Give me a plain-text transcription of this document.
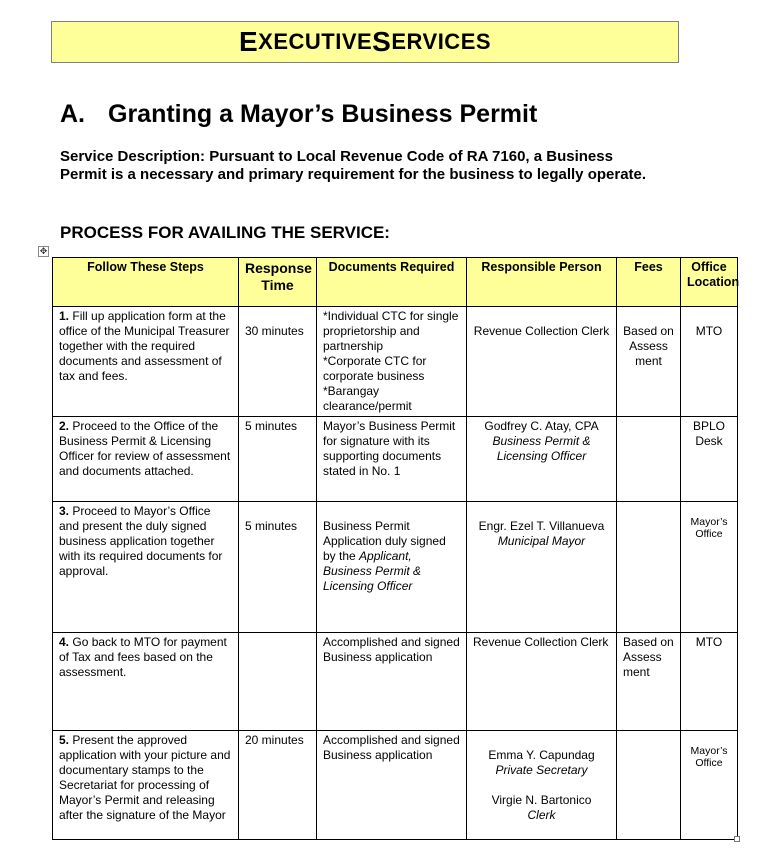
E XECUTIVE S ERVICES
A. Granting a Mayor’s Business Permit

Service Description: Pursuant to Local Revenue Code of RA 7160, a Business Permit is a necessary and primary requirement for the business to legally operate.

PROCESS FOR AVAILING THE SERVICE:
✥
Follow These Steps	Response Time	Documents Required	Responsible Person	Fees	Office Location
1. Fill up application form at the office of the Municipal Treasurer together with the required documents and assessment of tax and fees.	30 minutes	*Individual CTC for single proprietorship and partnership
*Corporate CTC for corporate business
*Barangay clearance/permit	Revenue Collection Clerk	Based on Assess ment	MTO
2. Proceed to the Office of the Business Permit & Licensing Officer for review of assessment and documents attached.	5 minutes	Mayor’s Business Permit for signature with its supporting documents stated in No. 1	Godfrey C. Atay, CPA
Business Permit & Licensing Officer		BPLO Desk
3. Proceed to Mayor’s Office and present the duly signed business application together with its required documents for approval.	5 minutes	Business Permit Application duly signed by the Applicant, Business Permit & Licensing Officer	Engr. Ezel T. Villanueva
Municipal Mayor		Mayor’s Office
4. Go back to MTO for payment of Tax and fees based on the assessment.		Accomplished and signed Business application	Revenue Collection Clerk	Based on Assess ment	MTO
5. Present the approved application with your picture and documentary stamps to the Secretariat for processing of Mayor’s Permit and releasing after the signature of the Mayor	20 minutes	Accomplished and signed Business application	Emma Y. Capundag
Private Secretary
Virgie N. Bartonico
Clerk		Mayor’s Office
